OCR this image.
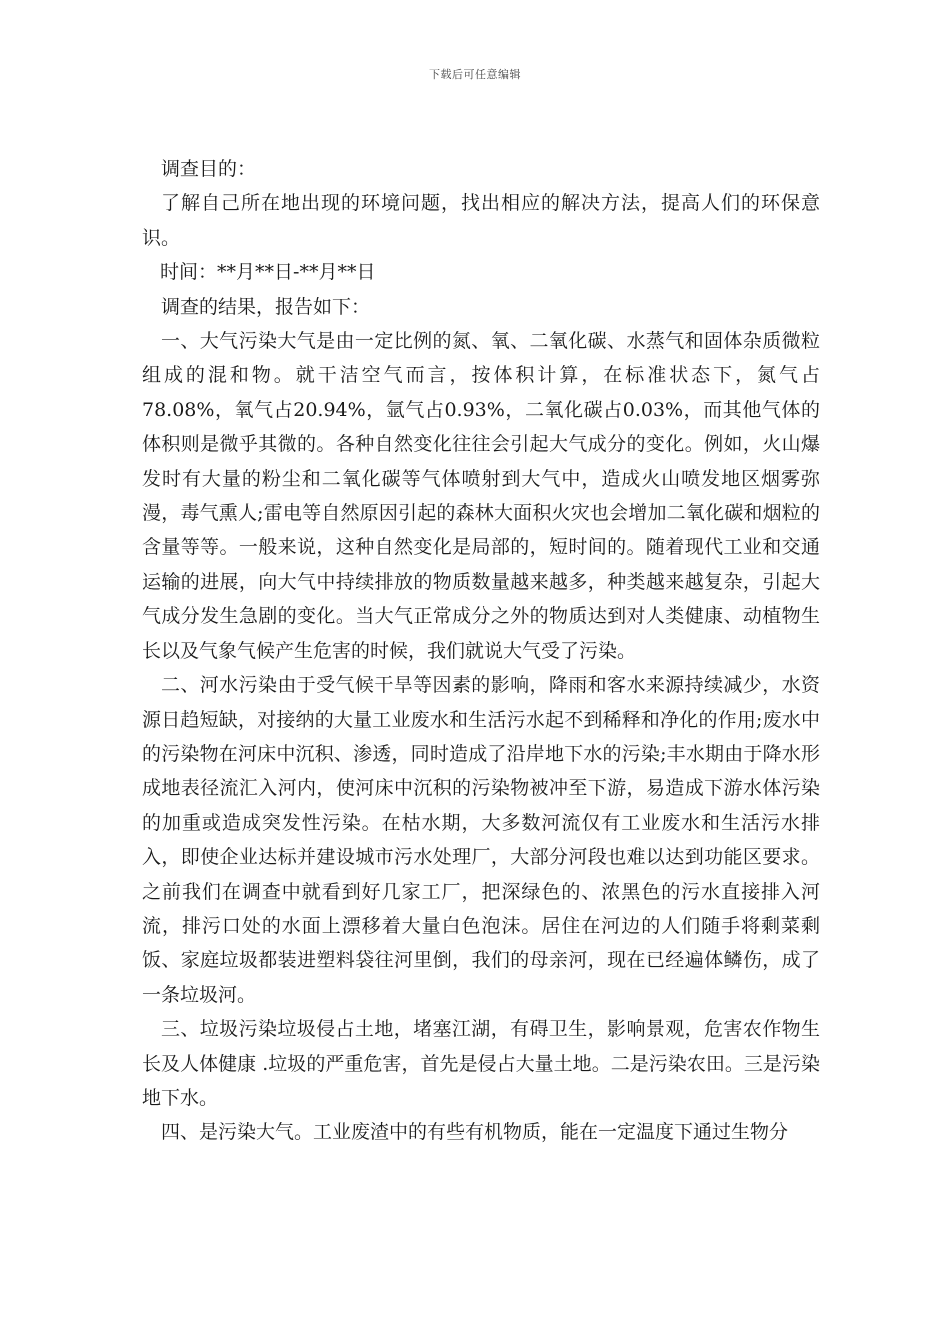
下载后可任意编辑

调查目的：

了解自己所在地出现的环境问题，找出相应的解决方法，提高人们的环保意识。

时间：**月**日-**月**日

调查的结果，报告如下：

一、大气污染大气是由一定比例的氮、氧、二氧化碳、水蒸气和固体杂质微粒组成的混和物。就干洁空气而言，按体积计算，在标准状态下，氮气占78.08%，氧气占20.94%，氩气占0.93%，二氧化碳占0.03%，而其他气体的体积则是微乎其微的。各种自然变化往往会引起大气成分的变化。例如，火山爆发时有大量的粉尘和二氧化碳等气体喷射到大气中，造成火山喷发地区烟雾弥漫，毒气熏人;雷电等自然原因引起的森林大面积火灾也会增加二氧化碳和烟粒的含量等等。一般来说，这种自然变化是局部的，短时间的。随着现代工业和交通运输的进展，向大气中持续排放的物质数量越来越多，种类越来越复杂，引起大气成分发生急剧的变化。当大气正常成分之外的物质达到对人类健康、动植物生长以及气象气候产生危害的时候，我们就说大气受了污染。

二、河水污染由于受气候干旱等因素的影响，降雨和客水来源持续减少，水资源日趋短缺，对接纳的大量工业废水和生活污水起不到稀释和净化的作用;废水中的污染物在河床中沉积、渗透，同时造成了沿岸地下水的污染;丰水期由于降水形成地表径流汇入河内，使河床中沉积的污染物被冲至下游，易造成下游水体污染的加重或造成突发性污染。在枯水期，大多数河流仅有工业废水和生活污水排入，即使企业达标并建设城市污水处理厂，大部分河段也难以达到功能区要求。之前我们在调查中就看到好几家工厂，把深绿色的、浓黑色的污水直接排入河流，排污口处的水面上漂移着大量白色泡沫。居住在河边的人们随手将剩菜剩饭、家庭垃圾都装进塑料袋往河里倒，我们的母亲河，现在已经遍体鳞伤，成了一条垃圾河。

三、垃圾污染垃圾侵占土地，堵塞江湖，有碍卫生，影响景观，危害农作物生长及人体健康 .垃圾的严重危害，首先是侵占大量土地。二是污染农田。三是污染地下水。

四、是污染大气。工业废渣中的有些有机物质，能在一定温度下通过生物分
